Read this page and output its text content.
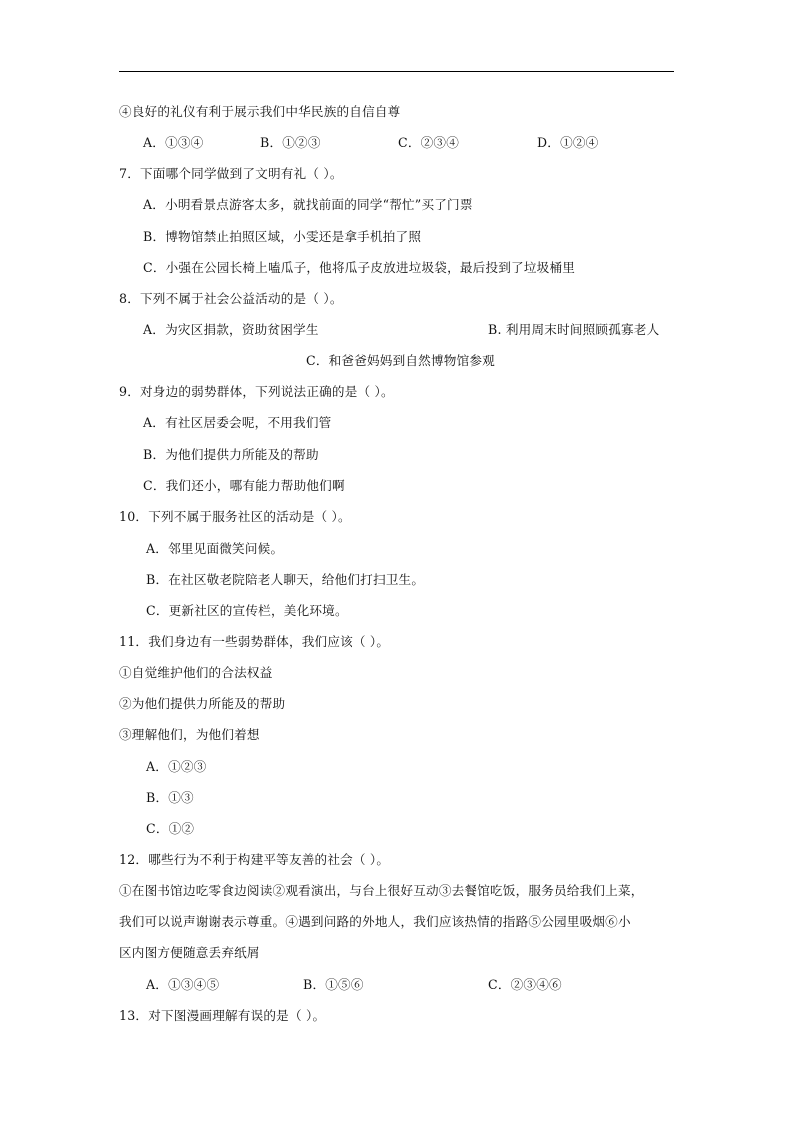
④良好的礼仪有利于展示我们中华民族的自信自尊
A．①③④	B．①②③	C．②③④	D．①②④
7．下面哪个同学做到了文明有礼（ ）。
A．小明看景点游客太多，就找前面的同学“帮忙”买了门票
B．博物馆禁止拍照区域，小雯还是拿手机拍了照
C．小强在公园长椅上嗑瓜子，他将瓜子皮放进垃圾袋，最后投到了垃圾桶里
8．下列不属于社会公益活动的是（ ）。
A．为灾区捐款，资助贫困学生	B. 利用周末时间照顾孤寡老人
C．和爸爸妈妈到自然博物馆参观
9．对身边的弱势群体，下列说法正确的是（ ）。
A．有社区居委会呢，不用我们管
B．为他们提供力所能及的帮助
C．我们还小，哪有能力帮助他们啊
10．下列不属于服务社区的活动是（ ）。
A．邻里见面微笑问候。
B．在社区敬老院陪老人聊天，给他们打扫卫生。
C．更新社区的宣传栏，美化环境。
11．我们身边有一些弱势群体，我们应该（ ）。
①自觉维护他们的合法权益
②为他们提供力所能及的帮助
③理解他们，为他们着想
A．①②③
B．①③
C．①②
12．哪些行为不利于构建平等友善的社会（ ）。
①在图书馆边吃零食边阅读②观看演出，与台上很好互动③去餐馆吃饭，服务员给我们上菜，
我们可以说声谢谢表示尊重。④遇到问路的外地人，我们应该热情的指路⑤公园里吸烟⑥小
区内图方便随意丢弃纸屑
A．①③④⑤	B．①⑤⑥	C．②③④⑥
13．对下图漫画理解有误的是（ ）。
